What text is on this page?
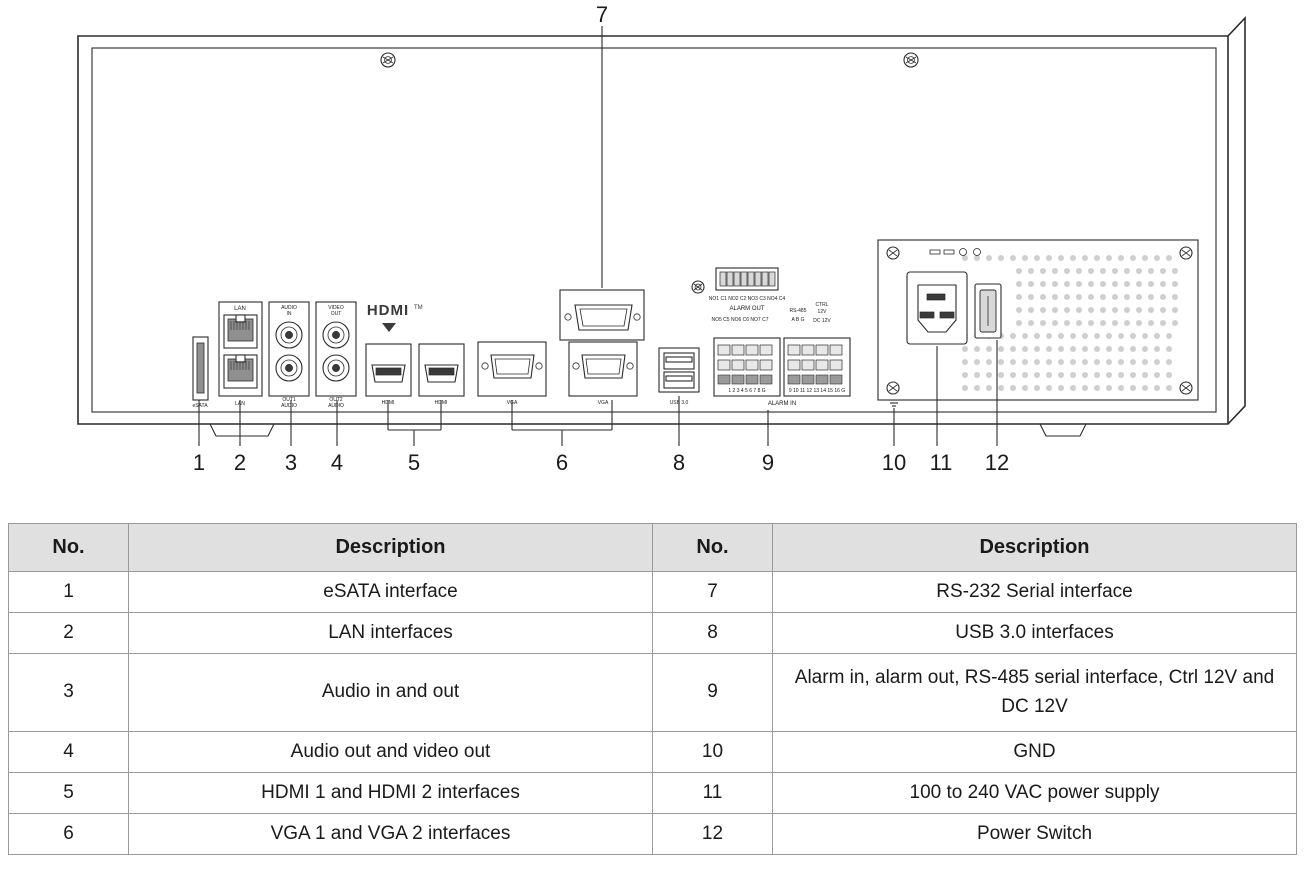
eSATA
LAN
LAN
AUDIO
IN
OUT1
AUDIO
VIDEO
OUT
OUT2
AUDIO
HDMI TM
HDMI	HDMI	VGA	VGA	USB 3.0
NO1 C1 NO2 C2 NO3 C3 NO4 C4
ALARM OUT
NO5 C5 NO6 C6 NO7 C7
RS-485
A B G
CTRL
12V
DC 12V
1 2 3 4 5 6 7 8 G	9 10 11 12 13 14 15 16 G
ALARM IN
1 2 3 4	5	6
7
8	9	10 11 12
No.	Description	No.	Description
1	eSATA interface	7	RS-232 Serial interface
2	LAN interfaces	8	USB 3.0 interfaces
3	Audio in and out	9	Alarm in, alarm out, RS-485 serial interface, Ctrl 12V and DC 12V
4	Audio out and video out	10	GND
5	HDMI 1 and HDMI 2 interfaces	11	100 to 240 VAC power supply
6	VGA 1 and VGA 2 interfaces	12	Power Switch
